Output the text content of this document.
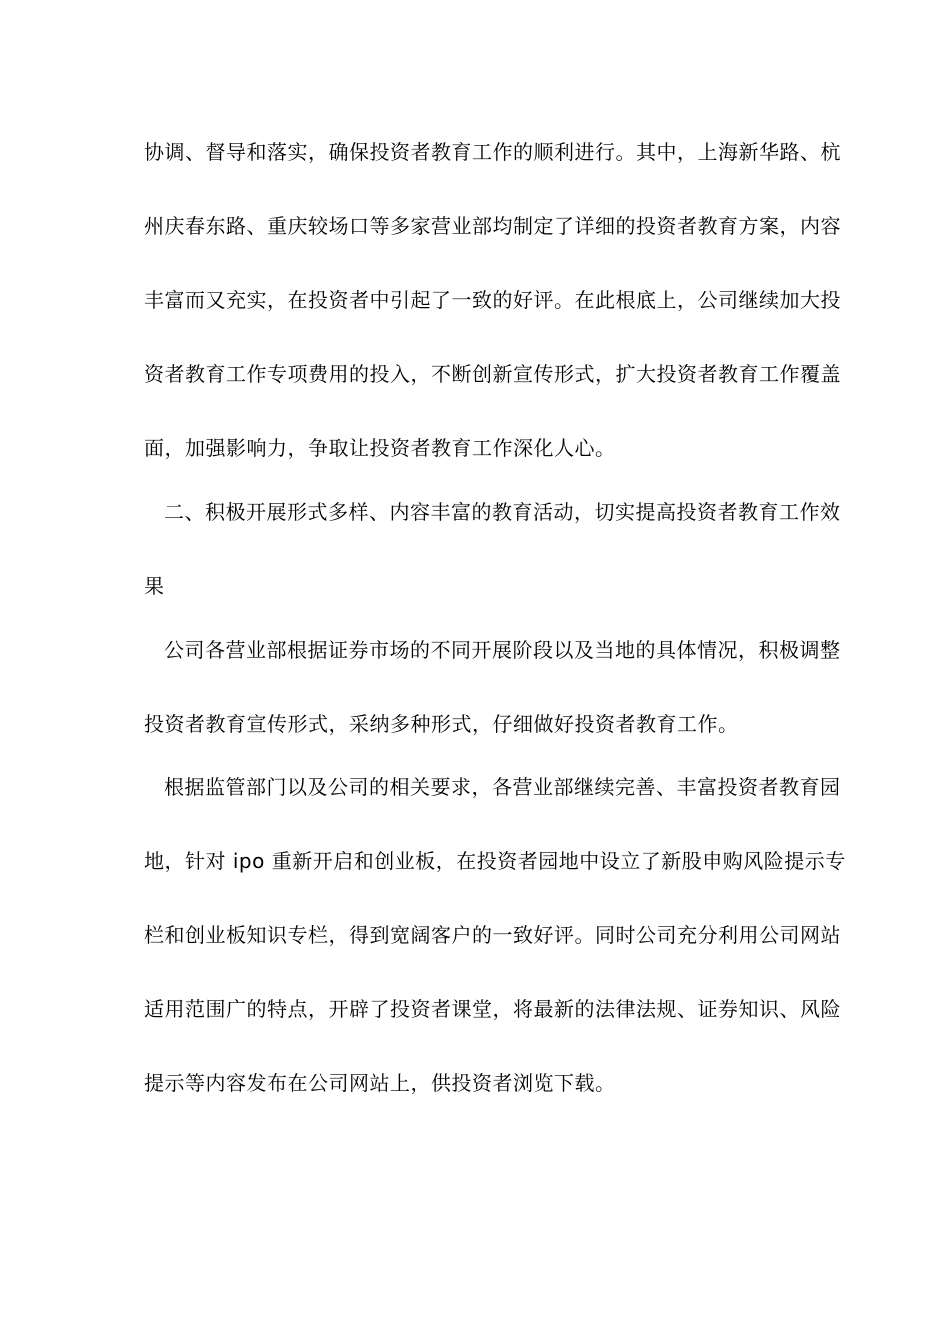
协调、督导和落实，确保投资者教育工作的顺利进行。其中，上海新华路、杭
州庆春东路、重庆较场口等多家营业部均制定了详细的投资者教育方案，内容
丰富而又充实，在投资者中引起了一致的好评。在此根底上，公司继续加大投
资者教育工作专项费用的投入，不断创新宣传形式，扩大投资者教育工作覆盖
面，加强影响力，争取让投资者教育工作深化人心。
二、积极开展形式多样、内容丰富的教育活动，切实提高投资者教育工作效
果
公司各营业部根据证券市场的不同开展阶段以及当地的具体情况，积极调整
投资者教育宣传形式，采纳多种形式，仔细做好投资者教育工作。
根据监管部门以及公司的相关要求，各营业部继续完善、丰富投资者教育园
地，针对 ipo 重新开启和创业板，在投资者园地中设立了新股申购风险提示专
栏和创业板知识专栏，得到宽阔客户的一致好评。同时公司充分利用公司网站
适用范围广的特点，开辟了投资者课堂，将最新的法律法规、证券知识、风险
提示等内容发布在公司网站上，供投资者浏览下载。
